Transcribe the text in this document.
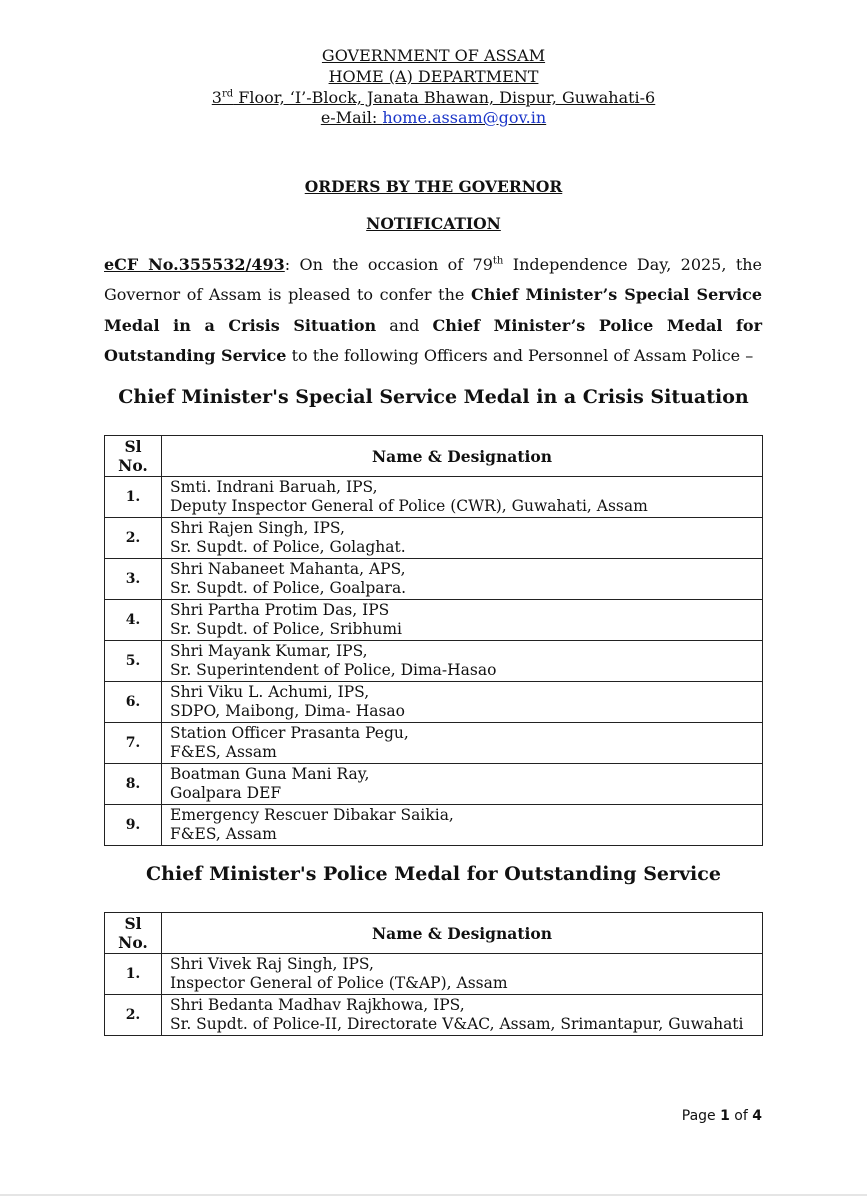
GOVERNMENT OF ASSAM
HOME (A) DEPARTMENT
3rd Floor, ‘I’-Block, Janata Bhawan, Dispur, Guwahati-6
e-Mail: home.assam@gov.in
ORDERS BY THE GOVERNOR
NOTIFICATION
eCF No.355532/493: On the occasion of 79th Independence Day, 2025, the Governor of Assam is pleased to confer the Chief Minister’s Special Service Medal in a Crisis Situation and Chief Minister’s Police Medal for Outstanding Service to the following Officers and Personnel of Assam Police –
Chief Minister's Special Service Medal in a Crisis Situation
Sl
No.	Name & Designation
1.	Smti. Indrani Baruah, IPS,
Deputy Inspector General of Police (CWR), Guwahati, Assam

2.	Shri Rajen Singh, IPS,
Sr. Supdt. of Police, Golaghat.

3.	Shri Nabaneet Mahanta, APS,
Sr. Supdt. of Police, Goalpara.

4.	Shri Partha Protim Das, IPS
Sr. Supdt. of Police, Sribhumi

5.	Shri Mayank Kumar, IPS,
Sr. Superintendent of Police, Dima-Hasao

6.	Shri Viku L. Achumi, IPS,
SDPO, Maibong, Dima- Hasao

7.	Station Officer Prasanta Pegu,
F&ES, Assam

8.	Boatman Guna Mani Ray,
Goalpara DEF

9.	Emergency Rescuer Dibakar Saikia,
F&ES, Assam
Chief Minister's Police Medal for Outstanding Service
Sl
No.	Name & Designation
1.	Shri Vivek Raj Singh, IPS,
Inspector General of Police (T&AP), Assam

2.	Shri Bedanta Madhav Rajkhowa, IPS,
Sr. Supdt. of Police-II, Directorate V&AC, Assam, Srimantapur, Guwahati
Page 1 of 4
